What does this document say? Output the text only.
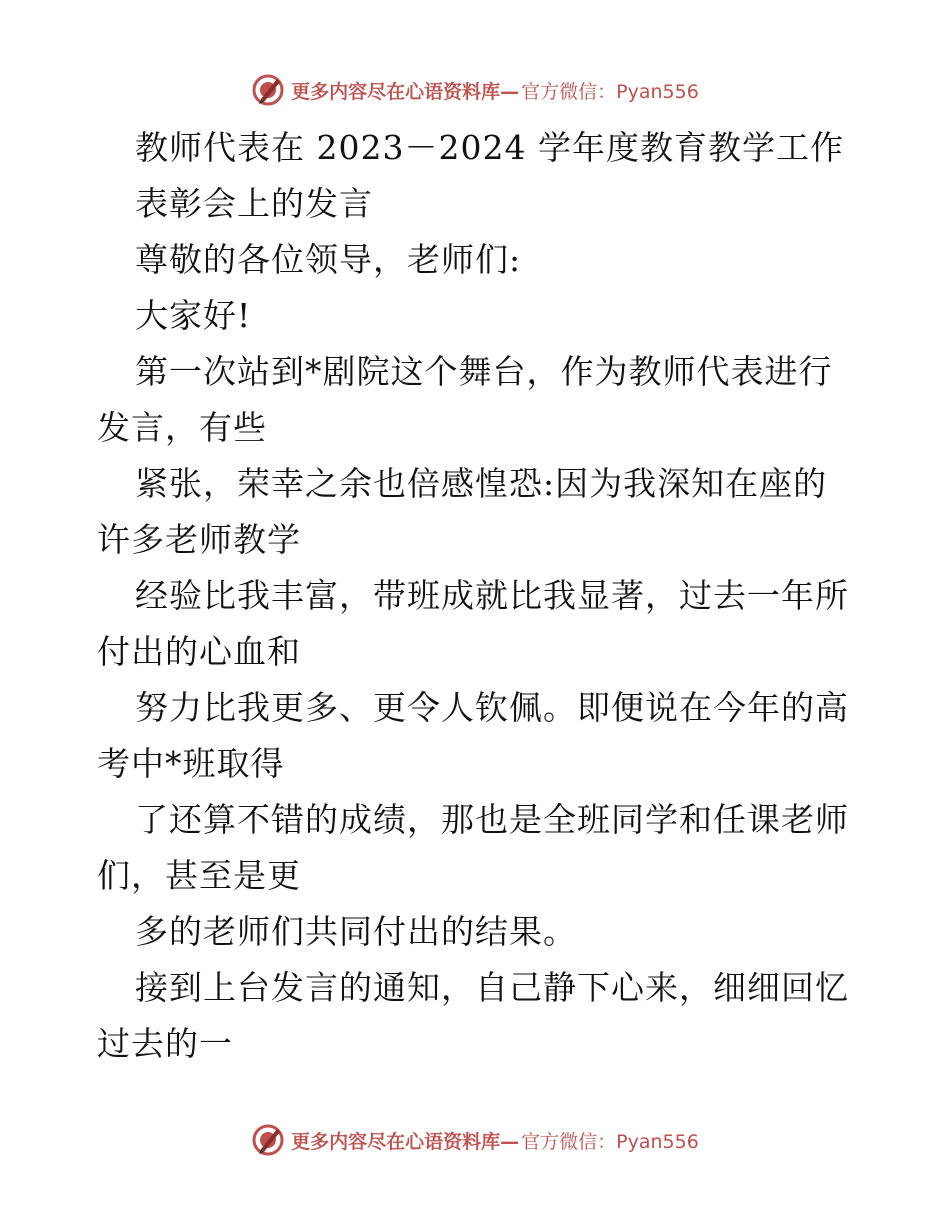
更多内容尽在心语资料库— 官方微信：Pyan556
教师代表在 2023－2024 学年度教育教学工作
表彰会上的发言
尊敬的各位领导，老师们:
大家好!
第一次站到*剧院这个舞台，作为教师代表进行
发言，有些
紧张，荣幸之余也倍感惶恐:因为我深知在座的
许多老师教学
经验比我丰富，带班成就比我显著，过去一年所
付出的心血和
努力比我更多、更令人钦佩。即便说在今年的高
考中*班取得
了还算不错的成绩，那也是全班同学和任课老师
们，甚至是更
多的老师们共同付出的结果。
接到上台发言的通知，自己静下心来，细细回忆
过去的一
更多内容尽在心语资料库— 官方微信：Pyan556
